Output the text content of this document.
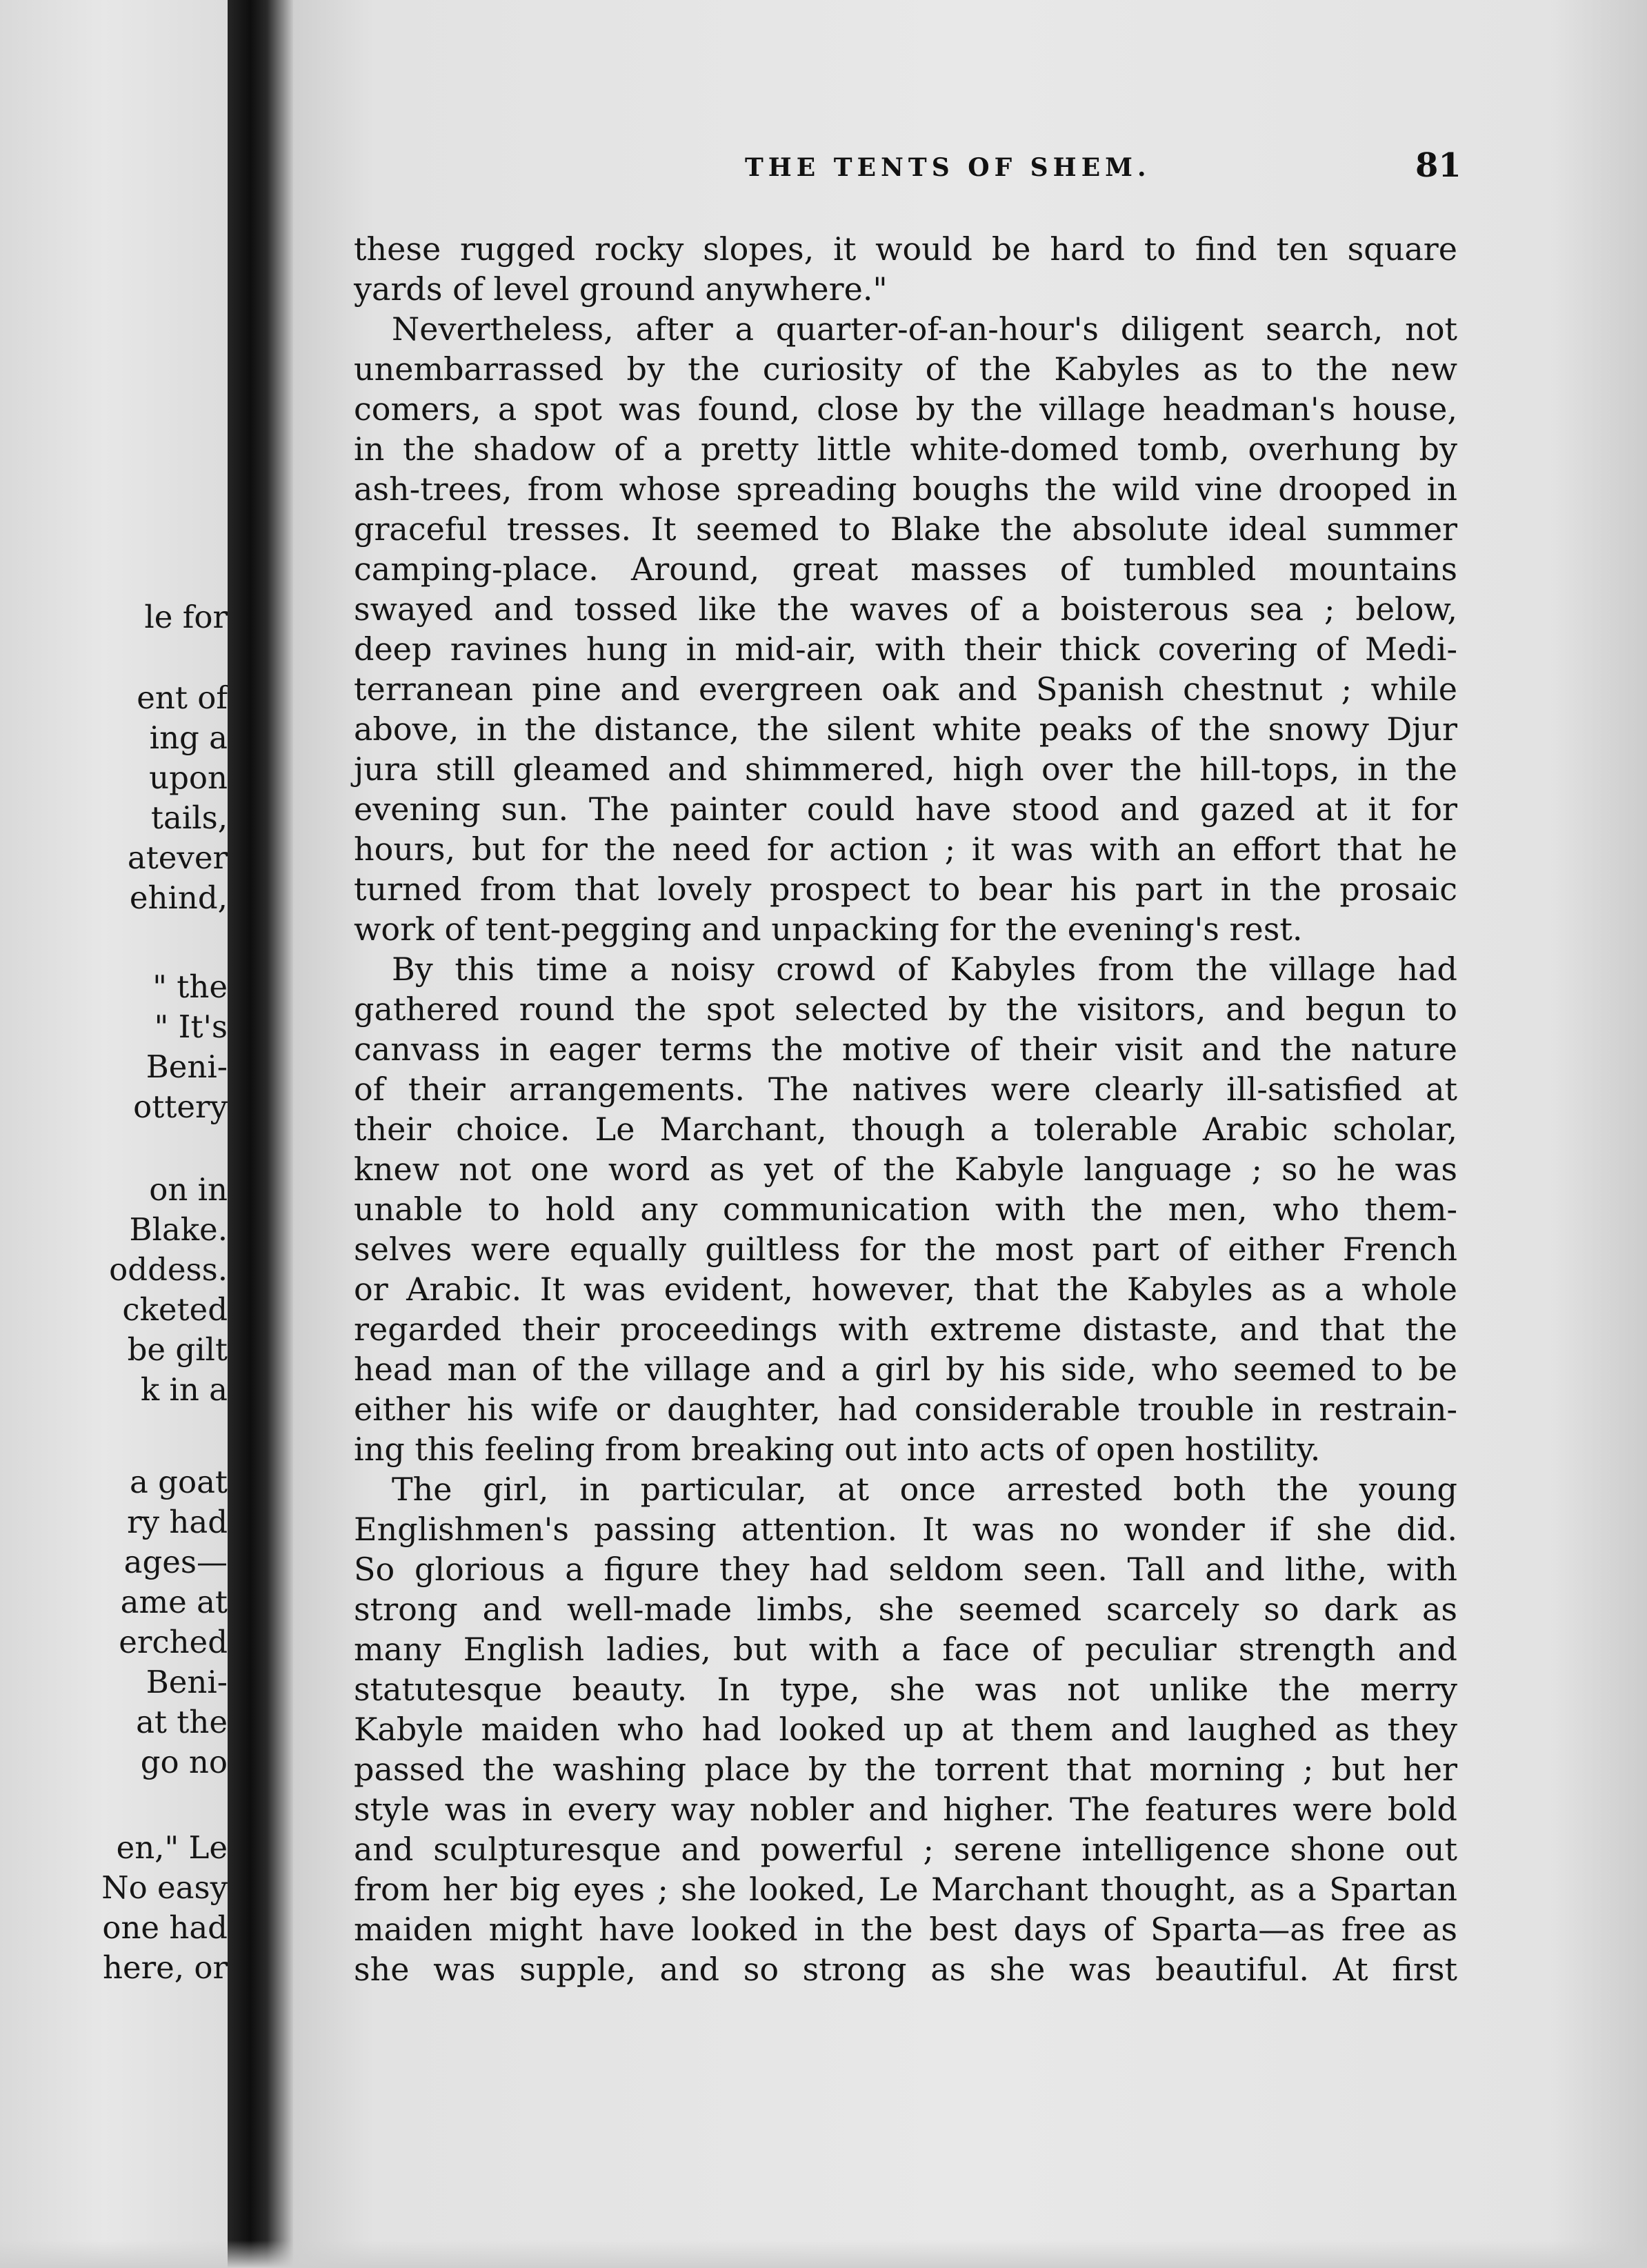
le for
ent of
ing a
upon
tails,
atever
ehind,
" the
" It's
Beni-
ottery
on in
Blake.
oddess.
cketed
be gilt
k in a
a goat
ry had
ages—
ame at
erched
Beni-
at the
go no
en," Le
No easy
one had
here, or
THE TENTS OF SHEM.	81
these rugged rocky slopes, it would be hard to find ten square
yards of level ground anywhere."
Nevertheless, after a quarter-of-an-hour's diligent search, not
unembarrassed by the curiosity of the Kabyles as to the new
comers, a spot was found, close by the village headman's house,
in the shadow of a pretty little white-domed tomb, overhung by
ash-trees, from whose spreading boughs the wild vine drooped in
graceful tresses. It seemed to Blake the absolute ideal summer
camping-place. Around, great masses of tumbled mountains
swayed and tossed like the waves of a boisterous sea ; below,
deep ravines hung in mid-air, with their thick covering of Medi-
terranean pine and evergreen oak and Spanish chestnut ; while
above, in the distance, the silent white peaks of the snowy Djur
jura still gleamed and shimmered, high over the hill-tops, in the
evening sun. The painter could have stood and gazed at it for
hours, but for the need for action ; it was with an effort that he
turned from that lovely prospect to bear his part in the prosaic
work of tent-pegging and unpacking for the evening's rest.
By this time a noisy crowd of Kabyles from the village had
gathered round the spot selected by the visitors, and begun to
canvass in eager terms the motive of their visit and the nature
of their arrangements. The natives were clearly ill-satisfied at
their choice. Le Marchant, though a tolerable Arabic scholar,
knew not one word as yet of the Kabyle language ; so he was
unable to hold any communication with the men, who them-
selves were equally guiltless for the most part of either French
or Arabic. It was evident, however, that the Kabyles as a whole
regarded their proceedings with extreme distaste, and that the
head man of the village and a girl by his side, who seemed to be
either his wife or daughter, had considerable trouble in restrain-
ing this feeling from breaking out into acts of open hostility.
The girl, in particular, at once arrested both the young
Englishmen's passing attention. It was no wonder if she did.
So glorious a figure they had seldom seen. Tall and lithe, with
strong and well-made limbs, she seemed scarcely so dark as
many English ladies, but with a face of peculiar strength and
statutesque beauty. In type, she was not unlike the merry
Kabyle maiden who had looked up at them and laughed as they
passed the washing place by the torrent that morning ; but her
style was in every way nobler and higher. The features were bold
and sculpturesque and powerful ; serene intelligence shone out
from her big eyes ; she looked, Le Marchant thought, as a Spartan
maiden might have looked in the best days of Sparta—as free as
she was supple, and so strong as she was beautiful. At first
